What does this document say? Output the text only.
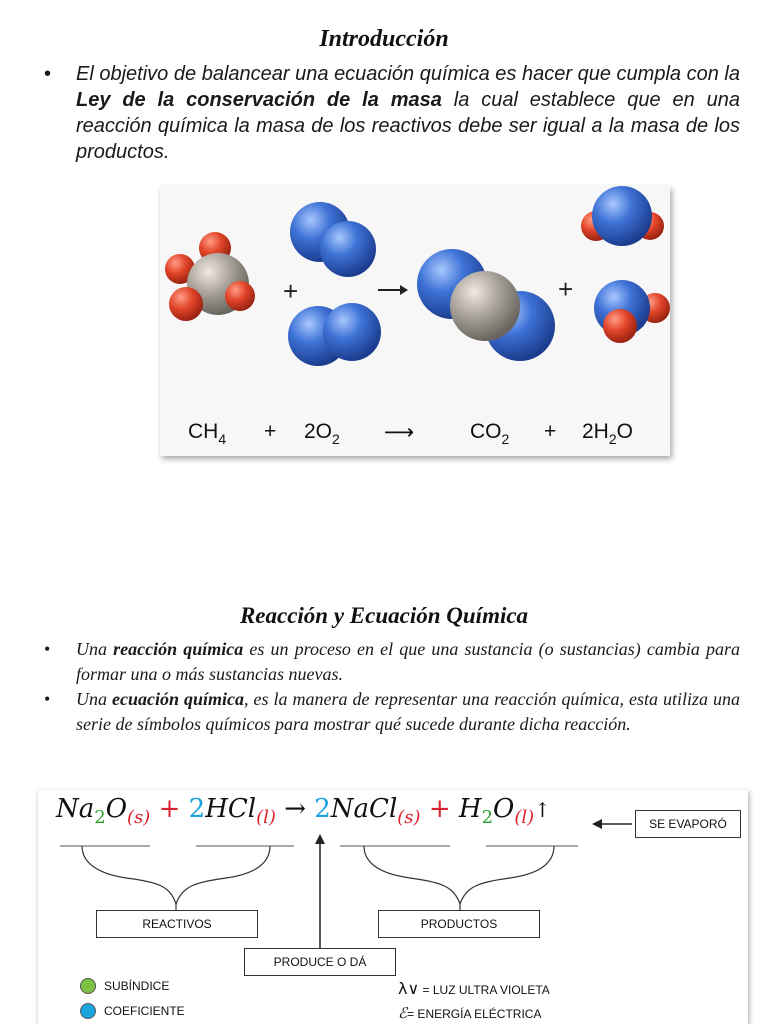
Introducción

• El objetivo de balancear una ecuación química es hacer que cumpla con la Ley de la conservación de la masa la cual establece que en una reacción química la masa de los reactivos debe ser igual a la masa de los productos.

+	+
$CH_4 + 2O_2$ ⟶	$CO_2 + 2H_2O$
Reacción y Ecuación Química

• Una reacción química es un proceso en el que una sustancia (o sustancias) cambia para formar una o más sustancias nuevas.

• Una ecuación química, es la manera de representar una reacción química, esta utiliza una serie de símbolos químicos para mostrar qué sucede durante dicha reacción.

$Na_2O_{(s)} + 2HCl_{(l)}$ → 2NaCl$_{(s)}$ + $H_2O_{(l)}↑$
SE EVAPORÓ
REACTIVOS	PRODUCTOS
PRODUCE O DÁ
SUBÍNDICE
COEFICIENTE
λ∨ = LUZ ULTRA VIOLETA
ℰ= ENERGÍA ELÉCTRICA
